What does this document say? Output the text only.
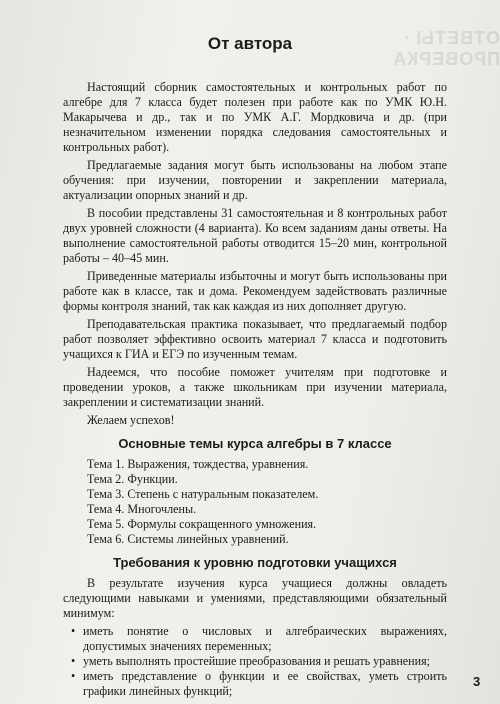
ОТВЕТЫ · ПРОВЕРКА
От автора

Настоящий сборник самостоятельных и контрольных работ по алгебре для 7 класса будет полезен при работе как по УМК Ю.Н. Макарычева и др., так и по УМК А.Г. Мордковича и др. (при незначительном изменении порядка следования самостоятельных и контрольных работ).

Предлагаемые задания могут быть использованы на любом этапе обучения: при изучении, повторении и закреплении материала, актуализации опорных знаний и др.

В пособии представлены 31 самостоятельная и 8 контрольных работ двух уровней сложности (4 варианта). Ко всем заданиям даны ответы. На выполнение самостоятельной работы отводится 15–20 мин, контрольной работы – 40–45 мин.

Приведенные материалы избыточны и могут быть использованы при работе как в классе, так и дома. Рекомендуем задействовать различные формы контроля знаний, так как каждая из них дополняет другую.

Преподавательская практика показывает, что предлагаемый подбор работ позволяет эффективно освоить материал 7 класса и подготовить учащихся к ГИА и ЕГЭ по изученным темам.

Надеемся, что пособие поможет учителям при подготовке и проведении уроков, а также школьникам при изучении материала, закреплении и систематизации знаний.

Желаем успехов!

Основные темы курса алгебры в 7 классе
Тема 1. Выражения, тождества, уравнения.
Тема 2. Функции.
Тема 3. Степень с натуральным показателем.
Тема 4. Многочлены.
Тема 5. Формулы сокращенного умножения.
Тема 6. Системы линейных уравнений.
Требования к уровню подготовки учащихся

В результате изучения курса учащиеся должны овладеть следующими навыками и умениями, представляющими обязательный минимум:

• иметь понятие о числовых и алгебраических выражениях, допустимых значениях переменных;
• уметь выполнять простейшие преобразования и решать уравнения;
• иметь представление о функции и ее свойствах, уметь строить графики линейных функций;
3
